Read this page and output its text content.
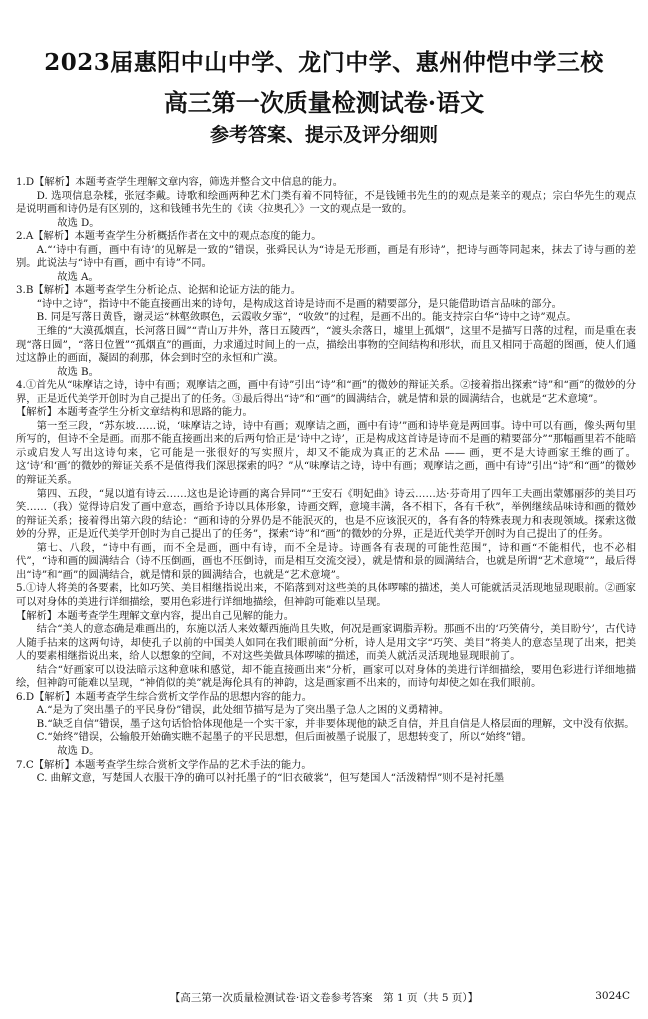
2023届惠阳中山中学、龙门中学、惠州仲恺中学三校
高三第一次质量检测试卷·语文
参考答案、提示及评分细则

1.D【解析】本题考查学生理解文章内容，筛选并整合文中信息的能力。

D. 选项信息杂糅，张冠李戴。诗歌和绘画两种艺术门类有着不同特征，不是钱锺书先生的的观点是莱辛的观点；宗白华先生的观点是说明画和诗仍是有区别的，这和钱锺书先生的《读〈拉奥孔〉》一文的观点是一致的。

故选 D。

2.A【解析】本题考查学生分析概括作者在文中的观点态度的能力。

A.“‘诗中有画，画中有诗’的见解是一致的”错误，张舜民认为“诗是无形画，画是有形诗”，把诗与画等同起来，抹去了诗与画的差 别。此说法与“诗中有画，画中有诗”不同。

故选 A。

3.B【解析】本题考查学生分析论点、论据和论证方法的能力。

“诗中之诗”，指诗中不能直接画出来的诗句，是构成这首诗是诗而不是画的精要部分，是只能借助语言品味的部分。

B. 同是写落日黄昏，谢灵运“林壑敛暝色，云霞收夕霏”，“收敛”的过程，是画不出的。能支持宗白华“诗中之诗”观点。

王维的“大漠孤烟直，长河落日圆”“青山万井外，落日五陵西”，“渡头余落日，墟里上孤烟”，这里不是描写日落的过程，而是重在表现“落日圆”，“落日位置”“孤烟直”的画面，力求通过时间上的一点，描绘出事物的空间结构和形状，而且又相同于高超的图画，使人们通过这静止的画面，凝固的刹那，体会到时空的永恒和广漠。

故选 B。

4.①首先从“味摩诘之诗，诗中有画；观摩诘之画，画中有诗”引出“诗”和“画”的微妙的辩证关系。②接着指出探索“诗”和“画”的微妙的分界，正是近代美学开创时为自己提出了的任务。③最后得出“诗”和“画”的圆满结合，就是情和景的圆满结合，也就是“艺术意境”。

【解析】本题考查学生分析文章结构和思路的能力。

第一至三段，“苏东坡……说，‘味摩诘之诗，诗中有画；观摩诘之画，画中有诗’”画和诗毕竟是两回事。诗中可以有画，像头两句里所写的，但诗不全是画。而那不能直接画出来的后两句恰正是‘诗中之诗’，正是构成这首诗是诗而不是画的精要部分”“那幅画里若不能暗示或启发人写出这诗句来，它可能是一张很好的写实照片，却又不能成为真正的艺术品 —— 画，更不是大诗画家王维的画了。这‘诗’和‘画’的微妙的辩证关系不是值得我们深思探索的吗？”从“味摩诘之诗，诗中有画；观摩诘之画，画中有诗”引出“诗”和“画”的微妙的辩证关系。

第四、五段，“晁以道有诗云……这也是论诗画的离合异同”“王安石《明妃曲》诗云……达·芬奇用了四年工夫画出蒙娜丽莎的美目巧笑……（我）觉得诗启发了画中意态，画给予诗以具体形象，诗画交辉，意境丰满，各不相下，各有千秋”，举例继续品味诗和画的微妙的辩证关系；接着得出第六段的结论：“画和诗的分界仍是不能泯灭的，也是不应该泯灭的，各有各的特殊表现力和表现领域。探索这微妙的分界，正是近代美学开创时为自己提出了的任务”，探索“诗”和“画”的微妙的分界，正是近代美学开创时为自己提出了的任务。

第七、八段，“诗中有画，而不全是画，画中有诗，而不全是诗。诗画各有表现的可能性范围”，诗和画“不能相代，也不必相代”，“诗和画的圆满结合（诗不压倒画，画也不压倒诗，而是相互交流交浸），就是情和景的圆满结合，也就是所谓“艺术意境””，最后得出“诗”和“画”的圆满结合，就是情和景的圆满结合，也就是“艺术意境”。

5.①诗人将美的各要素，比如巧笑、美目相继指说出来，不陷落到对这些美的具体啰嗦的描述，美人可能就活灵活现地显现眼前。②画家可以对身体的美进行详细描绘，要用色彩进行详细地描绘，但神韵可能难以呈现。

【解析】本题考查学生理解文章内容，提出自己见解的能力。

结合“美人的意态确是难画出的，东施以活人来效颦西施尚且失败，何况是画家调脂弄粉。那画不出的‘巧笑倩兮，美目盼兮’，古代诗人随手拈来的这两句诗，却使孔子以前的中国美人如同在我们眼前面”分析，诗人是用文字“巧笑、美目”将美人的意态呈现了出来，把美人的要素相继指说出来，给人以想象的空间，不对这些美做具体啰嗦的描述，而美人就活灵活现地显现眼前了。

结合“好画家可以设法暗示这种意味和感觉，却不能直接画出来”分析，画家可以对身体的美进行详细描绘，要用色彩进行详细地描绘，但神韵可能难以呈现，“神俏似的美”就是海伦具有的神韵，这是画家画不出来的，而诗句却使之如在我们眼前。

6.D【解析】本题考查学生综合赏析文学作品的思想内容的能力。

A.“是为了突出墨子的平民身份”错误，此处细节描写是为了突出墨子急人之困的义勇精神。

B.“缺乏自信”错误，墨子这句话恰恰体现他是一个实干家，并非要体现他的缺乏自信，并且自信是人格层面的理解，文中没有依据。

C.“始终”错误，公输般开始确实瞧不起墨子的平民思想，但后面被墨子说服了，思想转变了，所以“始终”错。

故选 D。

7.C【解析】本题考查学生综合赏析文学作品的艺术手法的能力。

C. 曲解文意，写楚国人衣服干净的确可以衬托墨子的“旧衣破裳”，但写楚国人“活泼精悍”则不是衬托墨

【高三第一次质量检测试卷·语文卷参考答案　第 1 页（共 5 页）】	3024C
